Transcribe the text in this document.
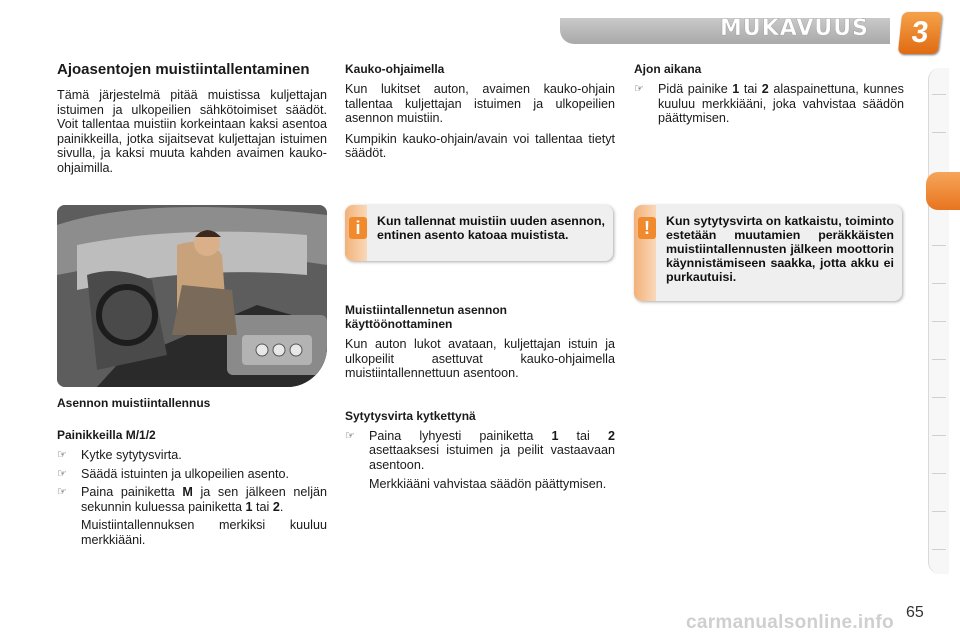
MUKAVUUS	3
Ajoasentojen muistiintallentaminen

Tämä järjestelmä pitää muistissa kuljettajan istuimen ja ulkopeilien sähkötoimiset säädöt. Voit tallentaa muistiin korkeintaan kaksi asentoa painikkeilla, jotka sijaitsevat kuljettajan istuimen sivulla, ja kaksi muuta kahden avaimen kauko-ohjaimilla.

Asennon muistiintallennus
Painikkeilla M/1/2
☞	Kytke sytytysvirta.
☞	Säädä istuinten ja ulkopeilien asento.
☞	Paina painiketta M ja sen jälkeen neljän sekunnin kuluessa painiketta 1 tai 2.
Muistiintallennuksen merkiksi kuuluu merkkiääni.
Kauko-ohjaimella

Kun lukitset auton, avaimen kauko-ohjain tallentaa kuljettajan istuimen ja ulkopeilien asennon muistiin.

Kumpikin kauko-ohjain/avain voi tallentaa tietyt säädöt.

i	Kun tallennat muistiin uuden asennon, entinen asento katoaa muistista.
Muistiintallennetun asennon käyttöönottaminen

Kun auton lukot avataan, kuljettajan istuin ja ulkopeilit asettuvat kauko-ohjaimella muistiintallennettuun asentoon.

Sytytysvirta kytkettynä
☞	Paina lyhyesti painiketta 1 tai 2 asettaaksesi istuimen ja peilit vastaavaan asentoon.
Merkkiääni vahvistaa säädön päättymisen.
Ajon aikana
☞	Pidä painike 1 tai 2 alaspainettuna, kunnes kuuluu merkkiääni, joka vahvistaa säädön päättymisen.
!	Kun sytytysvirta on katkaistu, toiminto estetään muutamien peräkkäisten muistiintallennusten jälkeen moottorin käynnistämiseen saakka, jotta akku ei purkautuisi.
carmanualsonline.info 65
